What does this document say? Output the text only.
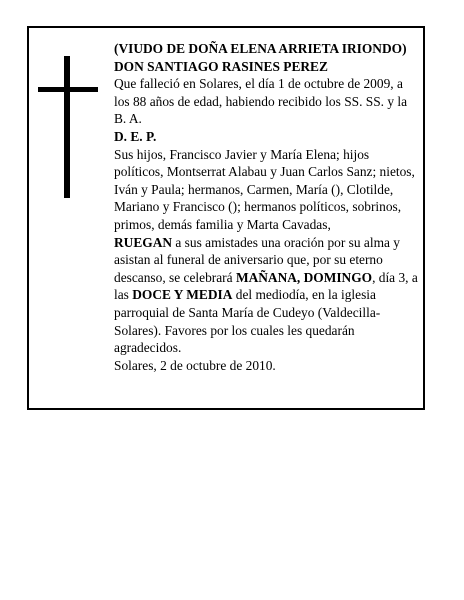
(VIUDO DE DOÑA ELENA ARRIETA IRIONDO)

DON SANTIAGO RASINES PEREZ

Que falleció en Solares, el día 1 de octubre de 2009, a los 88 años de edad, habiendo recibido los SS. SS. y la B. A.

D. E. P.

Sus hijos, Francisco Javier y María Elena; hijos políticos, Montserrat Alabau y Juan Carlos Sanz; nietos, Iván y Paula; hermanos, Carmen, María (), Clotilde, Mariano y Francisco (); hermanos políticos, sobrinos, primos, demás familia y Marta Cavadas,

RUEGAN a sus amistades una oración por su alma y asistan al funeral de aniversario que, por su eterno descanso, se celebrará MAÑANA, DOMINGO, día 3, a las DOCE Y MEDIA del mediodía, en la iglesia parroquial de Santa María de Cudeyo (Valdecilla-Solares). Favores por los cuales les quedarán agradecidos.

Solares, 2 de octubre de 2010.
